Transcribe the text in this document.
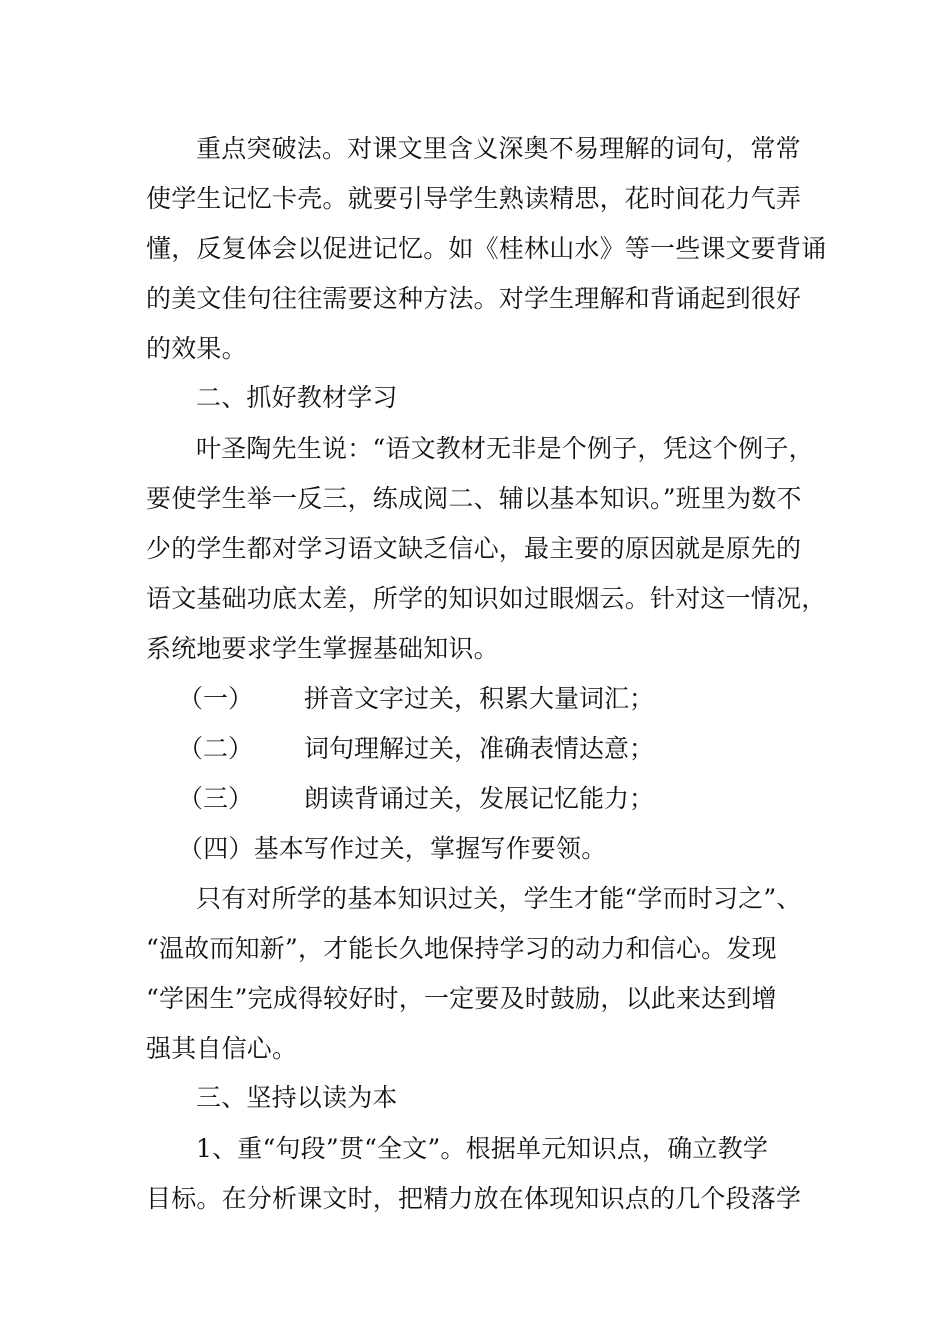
重点突破法。对课文里含义深奥不易理解的词句，常常
使学生记忆卡壳。就要引导学生熟读精思，花时间花力气弄
懂，反复体会以促进记忆。如《桂林山水》等一些课文要背诵
的美文佳句往往需要这种方法。对学生理解和背诵起到很好
的效果。
二、抓好教材学习
叶圣陶先生说：“语文教材无非是个例子，凭这个例子，
要使学生举一反三，练成阅二、辅以基本知识。”班里为数不
少的学生都对学习语文缺乏信心，最主要的原因就是原先的
语文基础功底太差，所学的知识如过眼烟云。针对这一情况，
系统地要求学生掌握基础知识。
（一） 拼音文字过关，积累大量词汇；
（二） 词句理解过关，准确表情达意；
（三） 朗读背诵过关，发展记忆能力；
（四）基本写作过关，掌握写作要领。
只有对所学的基本知识过关，学生才能“学而时习之”、
“温故而知新”，才能长久地保持学习的动力和信心。发现
“学困生”完成得较好时，一定要及时鼓励，以此来达到增
强其自信心。
三、坚持以读为本
1、重“句段”贯“全文”。根据单元知识点，确立教学
目标。在分析课文时，把精力放在体现知识点的几个段落学
